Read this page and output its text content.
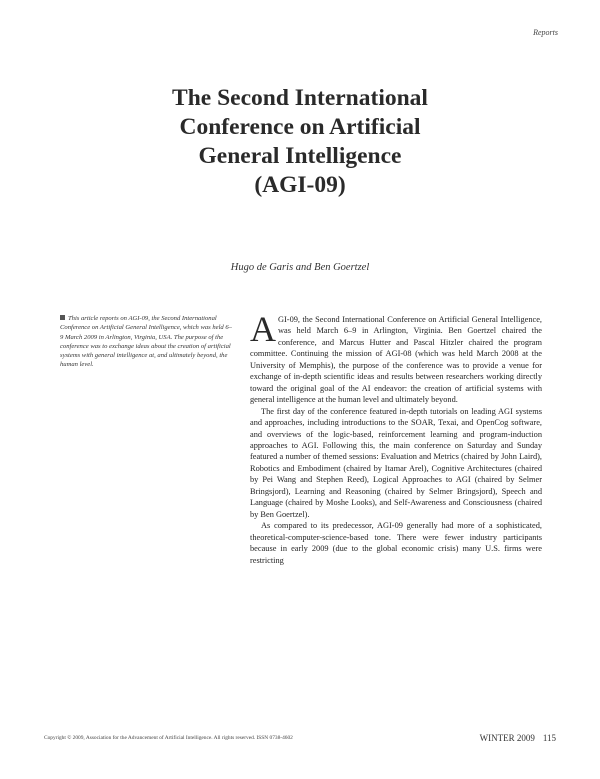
Reports
The Second International
Conference on Artificial
General Intelligence
(AGI-09)
Hugo de Garis and Ben Goertzel
This article reports on AGI-09, the Second International Conference on Artificial General Intelligence, which was held 6–9 March 2009 in Arlington, Virginia, USA. The purpose of the conference was to exchange ideas about the creation of artificial systems with general intelligence at, and ultimately beyond, the human level.

AGI-09, the Second International Conference on Artificial General Intelligence, was held March 6–9 in Arlington, Virginia. Ben Goertzel chaired the conference, and Marcus Hutter and Pascal Hitzler chaired the program committee. Continuing the mission of AGI-08 (which was held March 2008 at the University of Memphis), the purpose of the conference was to provide a venue for exchange of in-depth scientific ideas and results between researchers working directly toward the original goal of the AI endeavor: the creation of artificial systems with general intelligence at the human level and ultimately beyond.

The first day of the conference featured in-depth tutorials on leading AGI systems and approaches, including introductions to the SOAR, Texai, and OpenCog software, and overviews of the logic-based, reinforcement learning and program-induction approaches to AGI. Following this, the main conference on Saturday and Sunday featured a number of themed sessions: Evaluation and Metrics (chaired by John Laird), Robotics and Embodiment (chaired by Itamar Arel), Cognitive Architectures (chaired by Pei Wang and Stephen Reed), Logical Approaches to AGI (chaired by Selmer Bringsjord), Learning and Reasoning (chaired by Selmer Bringsjord), Speech and Language (chaired by Moshe Looks), and Self-Awareness and Consciousness (chaired by Ben Goertzel).

As compared to its predecessor, AGI-09 generally had more of a sophisticated, theoretical-computer-science-based tone. There were fewer industry participants because in early 2009 (due to the global economic crisis) many U.S. firms were restricting

Copyright © 2009, Association for the Advancement of Artificial Intelligence. All rights reserved. ISSN 0738-4602	WINTER 2009 115
